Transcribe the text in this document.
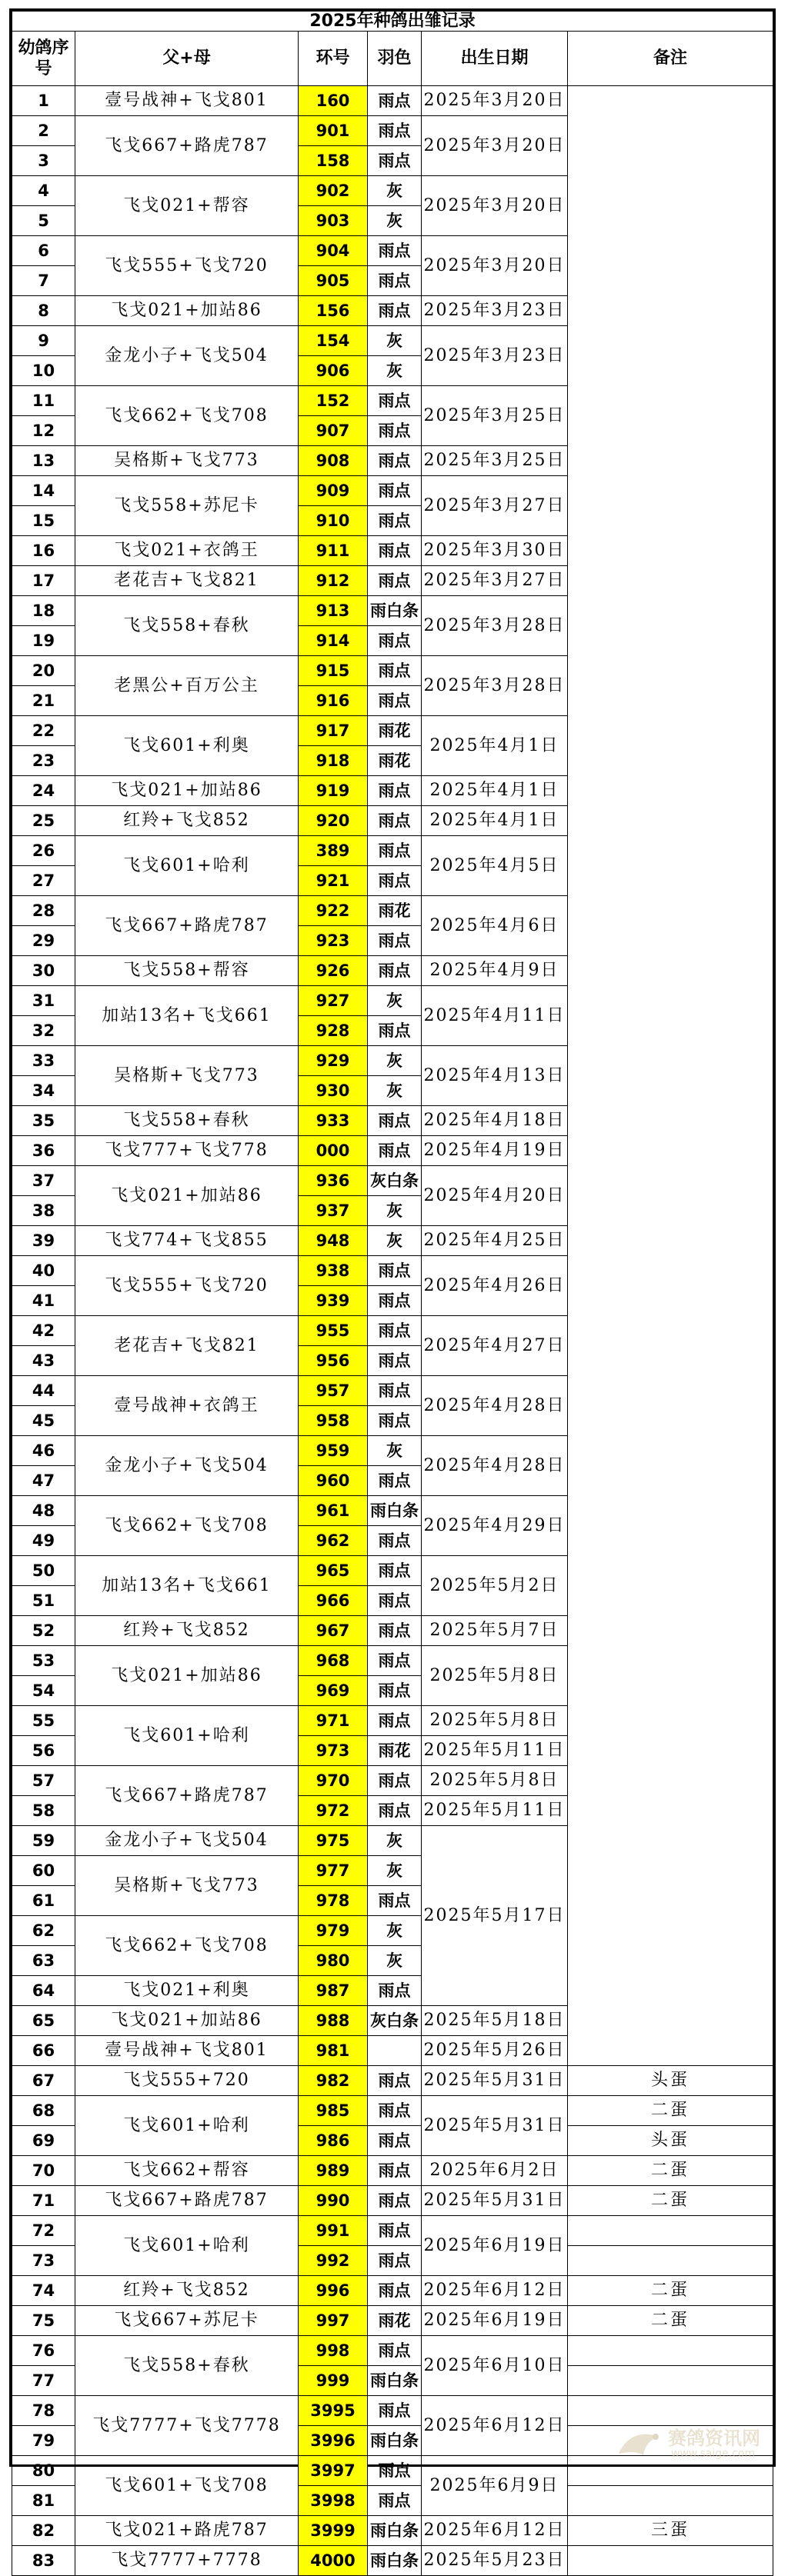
2025年种鸽出雏记录					
幼鸽序号	父+母	环号	羽色	出生日期	备注
1	壹号战神+飞戈801	160	雨点	2025年3月20日	
2	飞戈667+路虎787	901	雨点	2025年3月20日	
3		158	雨点		
4	飞戈021+帮容	902	灰	2025年3月20日	
5		903	灰		
6	飞戈555+飞戈720	904	雨点	2025年3月20日	
7		905	雨点		
8	飞戈021+加站86	156	雨点	2025年3月23日	
9	金龙小子+飞戈504	154	灰	2025年3月23日	
10		906	灰		
11	飞戈662+飞戈708	152	雨点	2025年3月25日	
12		907	雨点		
13	吴格斯+飞戈773	908	雨点	2025年3月25日	
14	飞戈558+苏尼卡	909	雨点	2025年3月27日	
15		910	雨点		
16	飞戈021+衣鸽王	911	雨点	2025年3月30日	
17	老花吉+飞戈821	912	雨点	2025年3月27日	
18	飞戈558+春秋	913	雨白条	2025年3月28日	
19		914	雨点		
20	老黑公+百万公主	915	雨点	2025年3月28日	
21		916	雨点		
22	飞戈601+利奥	917	雨花	2025年4月1日	
23		918	雨花		
24	飞戈021+加站86	919	雨点	2025年4月1日	
25	红羚+飞戈852	920	雨点	2025年4月1日	
26	飞戈601+哈利	389	雨点	2025年4月5日	
27		921	雨点		
28	飞戈667+路虎787	922	雨花	2025年4月6日	
29		923	雨点		
30	飞戈558+帮容	926	雨点	2025年4月9日	
31	加站13名+飞戈661	927	灰	2025年4月11日	
32		928	雨点		
33	吴格斯+飞戈773	929	灰	2025年4月13日	
34		930	灰		
35	飞戈558+春秋	933	雨点	2025年4月18日	
36	飞戈777+飞戈778	000	雨点	2025年4月19日	
37	飞戈021+加站86	936	灰白条	2025年4月20日	
38		937	灰		
39	飞戈774+飞戈855	948	灰	2025年4月25日	
40	飞戈555+飞戈720	938	雨点	2025年4月26日	
41		939	雨点		
42	老花吉+飞戈821	955	雨点	2025年4月27日	
43		956	雨点		
44	壹号战神+衣鸽王	957	雨点	2025年4月28日	
45		958	雨点		
46	金龙小子+飞戈504	959	灰	2025年4月28日	
47		960	雨点		
48	飞戈662+飞戈708	961	雨白条	2025年4月29日	
49		962	雨点		
50	加站13名+飞戈661	965	雨点	2025年5月2日	
51		966	雨点		
52	红羚+飞戈852	967	雨点	2025年5月7日	
53	飞戈021+加站86	968	雨点	2025年5月8日	
54		969	雨点		
55	飞戈601+哈利	971	雨点	2025年5月8日	
56		973	雨花	2025年5月11日	
57	飞戈667+路虎787	970	雨点	2025年5月8日	
58		972	雨点	2025年5月11日	
59	金龙小子+飞戈504	975	灰	2025年5月17日	
60	吴格斯+飞戈773	977	灰		
61		978	雨点		
62	飞戈662+飞戈708	979	灰		
63		980	灰		
64	飞戈021+利奥	987	雨点		
65	飞戈021+加站86	988	灰白条	2025年5月18日	
66	壹号战神+飞戈801	981		2025年5月26日	
67	飞戈555+720	982	雨点	2025年5月31日	头蛋
68	飞戈601+哈利	985	雨点	2025年5月31日	二蛋
69		986	雨点		头蛋
70	飞戈662+帮容	989	雨点	2025年6月2日	二蛋
71	飞戈667+路虎787	990	雨点	2025年5月31日	二蛋
72	飞戈601+哈利	991	雨点	2025年6月19日	
73		992	雨点		
74	红羚+飞戈852	996	雨点	2025年6月12日	二蛋
75	飞戈667+苏尼卡	997	雨花	2025年6月19日	二蛋
76	飞戈558+春秋	998	雨点	2025年6月10日	
77		999	雨白条		
78	飞戈7777+飞戈7778	3995	雨点	2025年6月12日	
79		3996	雨白条		
80	飞戈601+飞戈708	3997	雨点	2025年6月9日	
81		3998	雨点		
82	飞戈021+路虎787	3999	雨白条	2025年6月12日	三蛋
83	飞戈7777+7778	4000	雨白条	2025年5月23日	
赛鸽资讯网
www.saige.com
